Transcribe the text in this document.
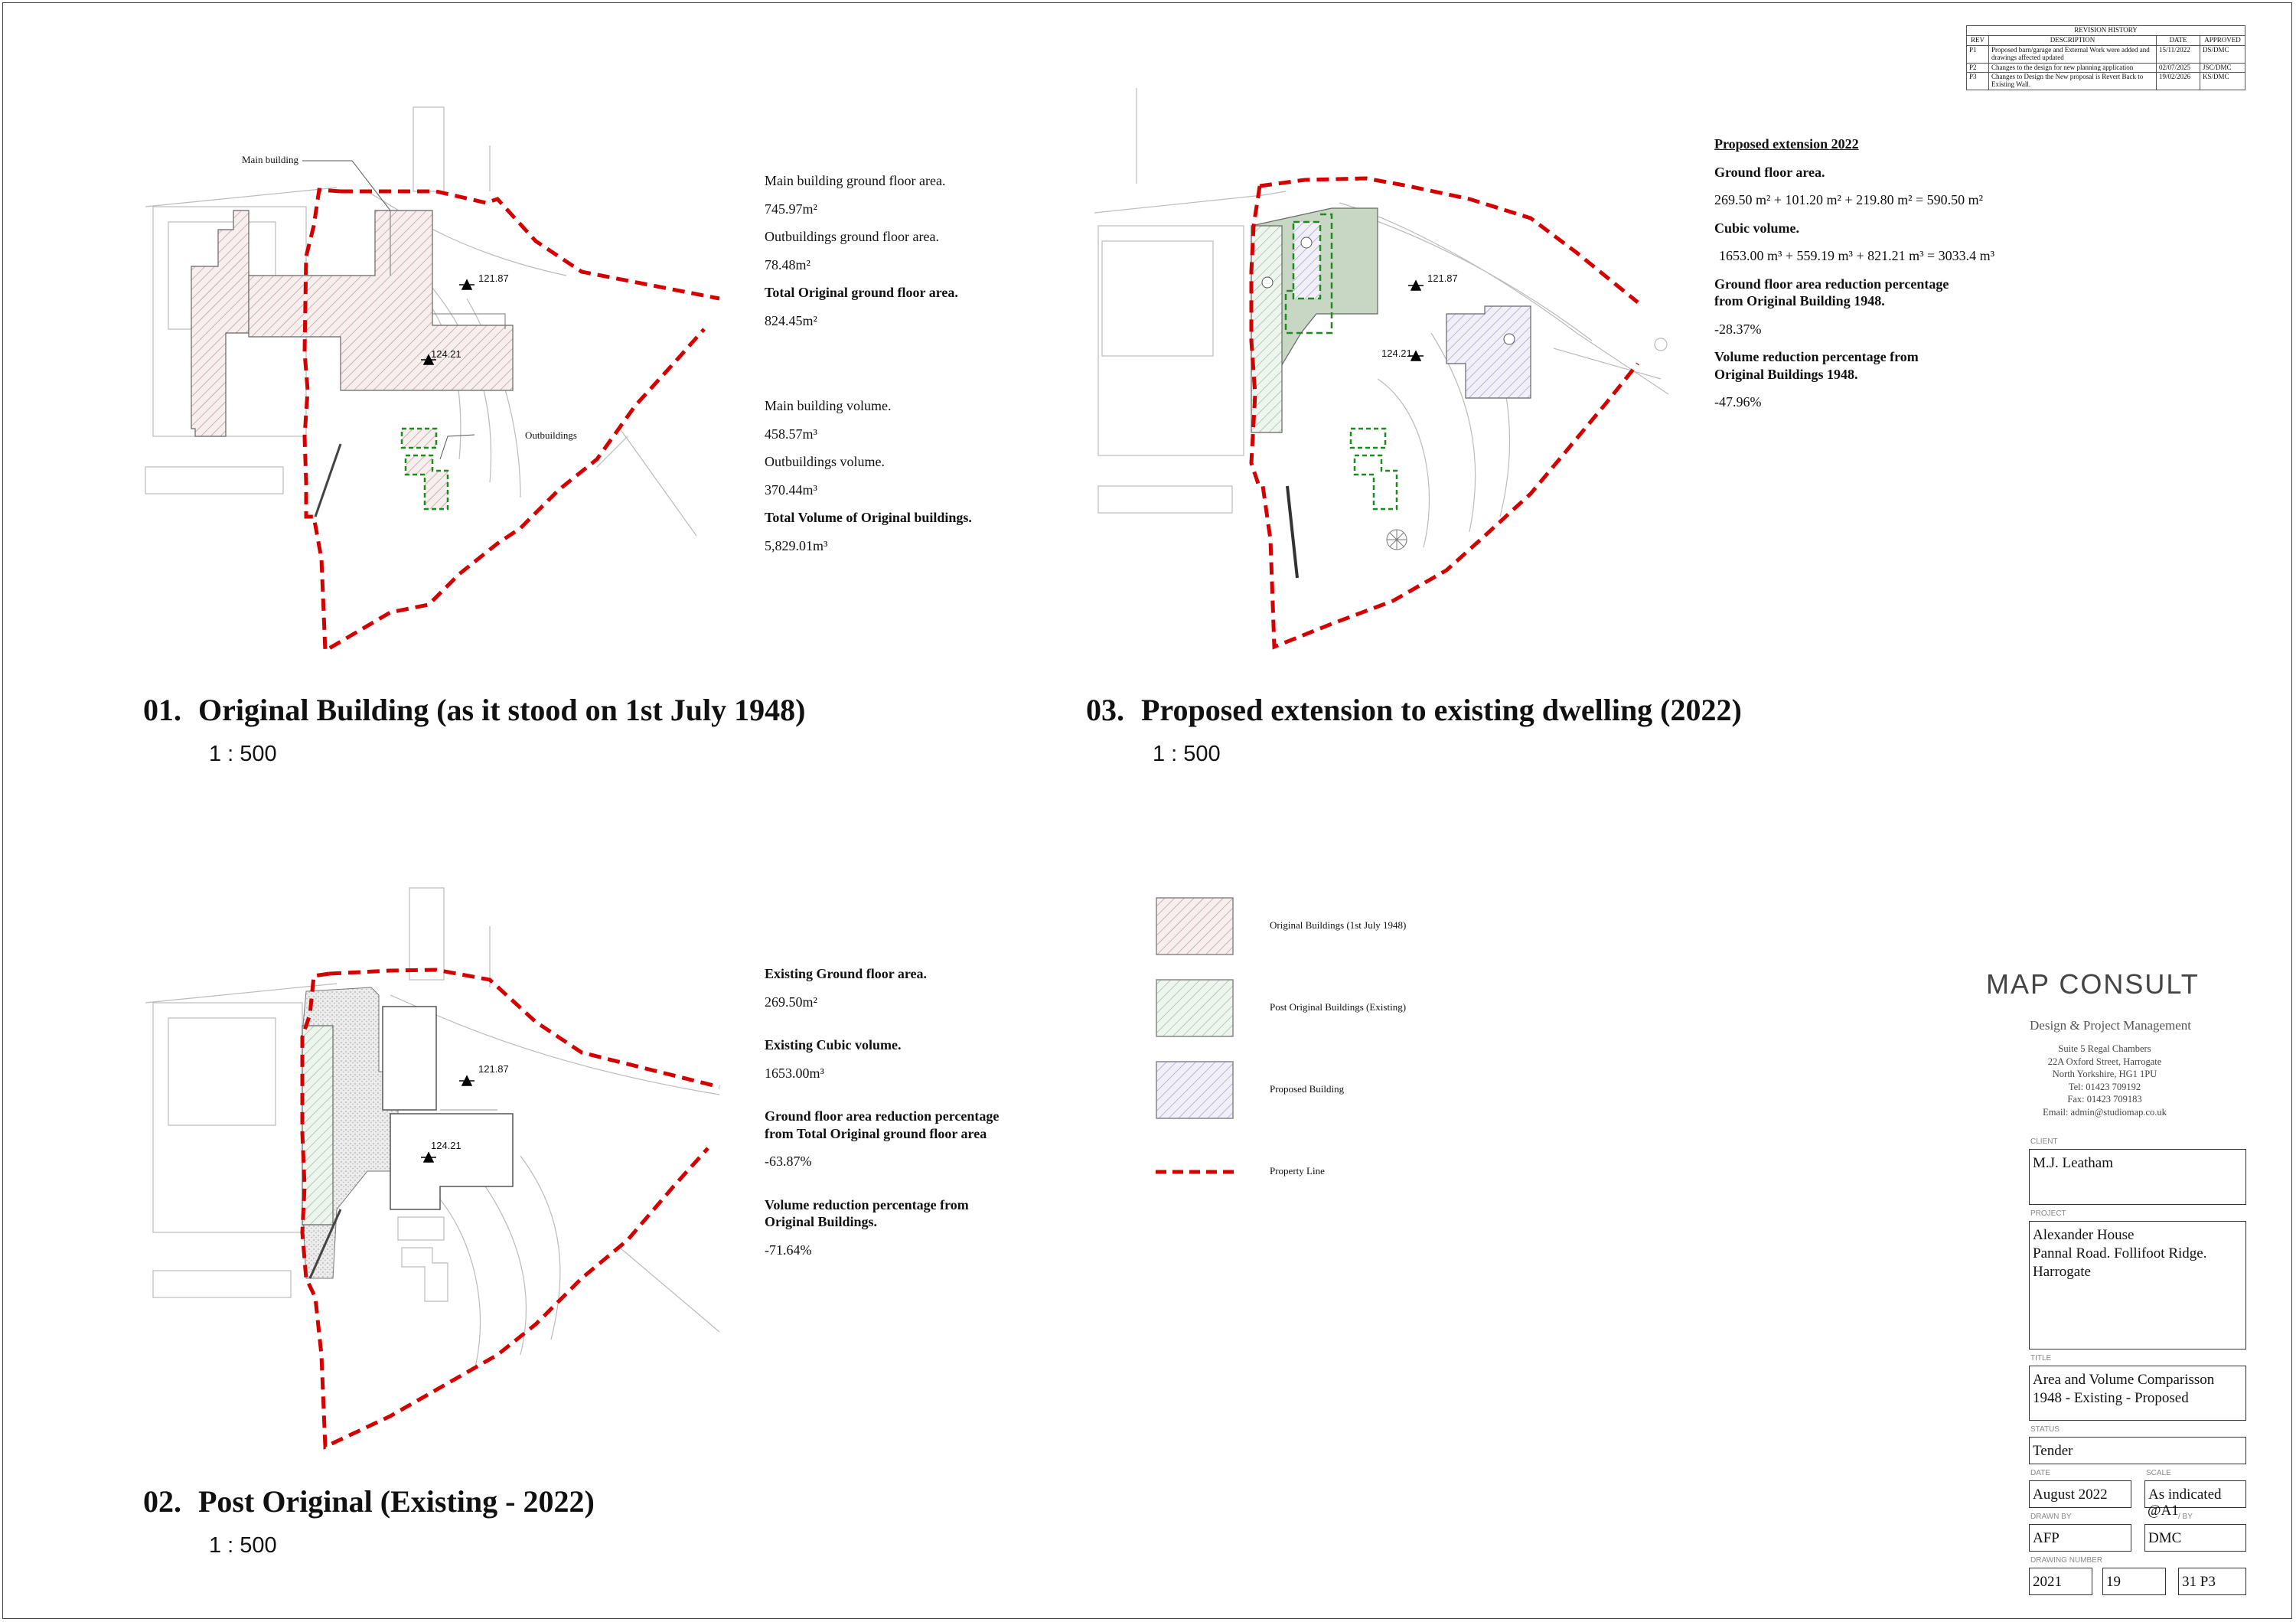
REVISION HISTORY			
REV	DESCRIPTION	DATE	APPROVED
P1	Proposed barn/garage and External Work were added and drawings affected updated	15/11/2022	DS/DMC
P2	Changes to the design for new planning application	02/07/2025	JSC/DMC
P3	Changes to Design the New proposal is Revert Back to Existing Wall.	19/02/2026	KS/DMC
Main building
Outbuildings
121.87
124.21

Main building ground floor area.

745.97m²

Outbuildings ground floor area.

78.48m²

Total Original ground floor area.

824.45m²

Main building volume.

458.57m³

Outbuildings volume.

370.44m³

Total Volume of Original buildings.

5,829.01m³

01. Original Building (as it stood on 1st July 1948)
1 : 500
121.87
124.21

Proposed extension 2022

Ground floor area.

269.50 m² + 101.20 m² + 219.80 m² = 590.50 m²

Cubic volume.

1653.00 m³ + 559.19 m³ + 821.21 m³ = 3033.4 m³

Ground floor area reduction percentage

from Original Building 1948.

-28.37%

Volume reduction percentage from

Original Buildings 1948.

-47.96%

03. Proposed extension to existing dwelling (2022)
1 : 500
121.87
124.21

Existing Ground floor area.

269.50m²

Existing Cubic volume.

1653.00m³

Ground floor area reduction percentage

from Total Original ground floor area

-63.87%

Volume reduction percentage from

Original Buildings.

-71.64%

02. Post Original (Existing - 2022)
1 : 500
Original Buildings (1st July 1948)
Post Original Buildings (Existing)
Proposed Building
Property Line
MAP CONSULT
Design & Project Management
Suite 5 Regal Chambers
22A Oxford Street, Harrogate
North Yorkshire, HG1 1PU
Tel: 01423 709192
Fax: 01423 709183
Email: admin@studiomap.co.uk
CLIENT
M.J. Leatham
PROJECT
Alexander House
Pannal Road. Follifoot Ridge.
Harrogate
TITLE
Area and Volume Comparisson
1948 - Existing - Proposed
STATUS
Tender
DATE
August 2022
SCALE
As indicated
@A1
DRAWN BY	/ BY
AFP	DMC
DRAWING NUMBER
2021	19	31 P3
